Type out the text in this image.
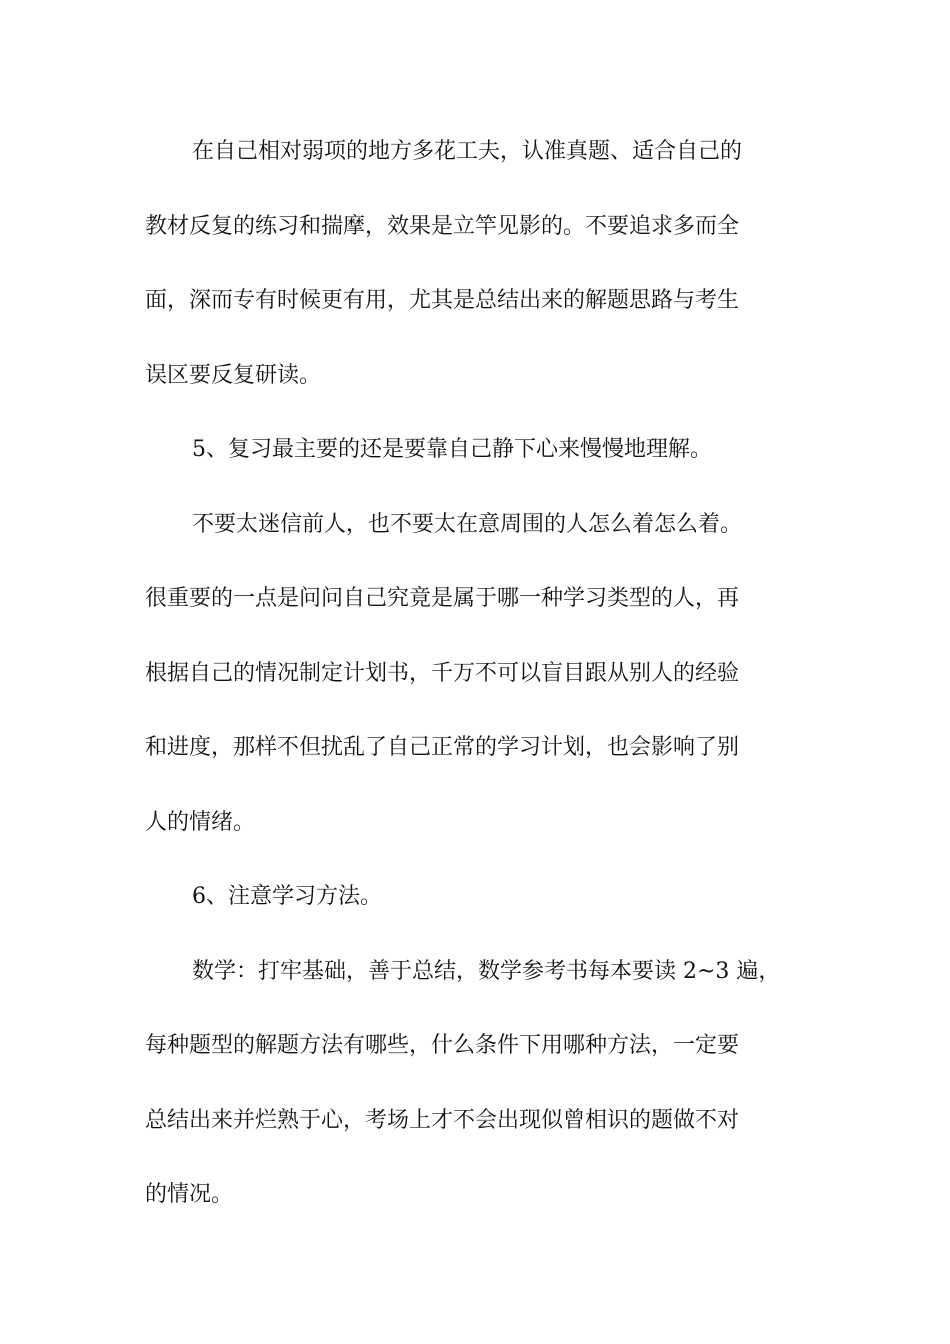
在自己相对弱项的地方多花工夫，认准真题、适合自己的
教材反复的练习和揣摩，效果是立竿见影的。不要追求多而全
面，深而专有时候更有用，尤其是总结出来的解题思路与考生
误区要反复研读。
5、复习最主要的还是要靠自己静下心来慢慢地理解。
不要太迷信前人，也不要太在意周围的人怎么着怎么着。
很重要的一点是问问自己究竟是属于哪一种学习类型的人，再
根据自己的情况制定计划书，千万不可以盲目跟从别人的经验
和进度，那样不但扰乱了自己正常的学习计划，也会影响了别
人的情绪。
6、注意学习方法。
数学：打牢基础，善于总结，数学参考书每本要读 2~3 遍，
每种题型的解题方法有哪些，什么条件下用哪种方法，一定要
总结出来并烂熟于心，考场上才不会出现似曾相识的题做不对
的情况。
